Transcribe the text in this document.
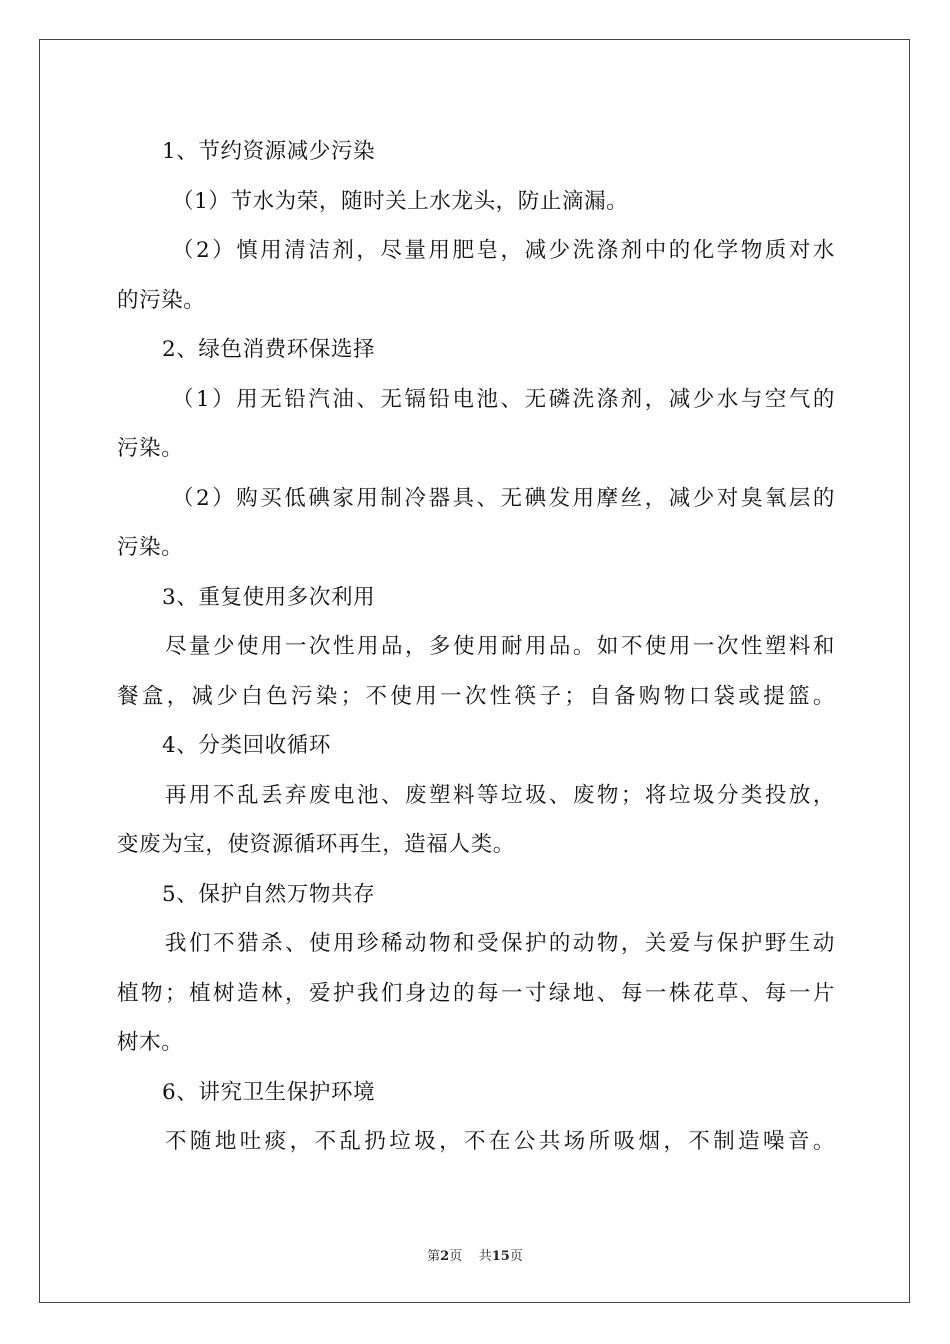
1、节约资源减少污染
（1）节水为荣，随时关上水龙头，防止滴漏。
（2）慎用清洁剂，尽量用肥皂，减少洗涤剂中的化学物质对水
的污染。
2、绿色消费环保选择
（1）用无铅汽油、无镉铅电池、无磷洗涤剂，减少水与空气的
污染。
（2）购买低碘家用制冷器具、无碘发用摩丝，减少对臭氧层的
污染。
3、重复使用多次利用
尽量少使用一次性用品，多使用耐用品。如不使用一次性塑料和
餐盒，减少白色污染；不使用一次性筷子；自备购物口袋或提篮。
4、分类回收循环
再用不乱丢弃废电池、废塑料等垃圾、废物；将垃圾分类投放，
变废为宝，使资源循环再生，造福人类。
5、保护自然万物共存
我们不猎杀、使用珍稀动物和受保护的动物，关爱与保护野生动
植物；植树造林，爱护我们身边的每一寸绿地、每一株花草、每一片
树木。
6、讲究卫生保护环境
不随地吐痰，不乱扔垃圾，不在公共场所吸烟，不制造噪音。
第2页 共15页
